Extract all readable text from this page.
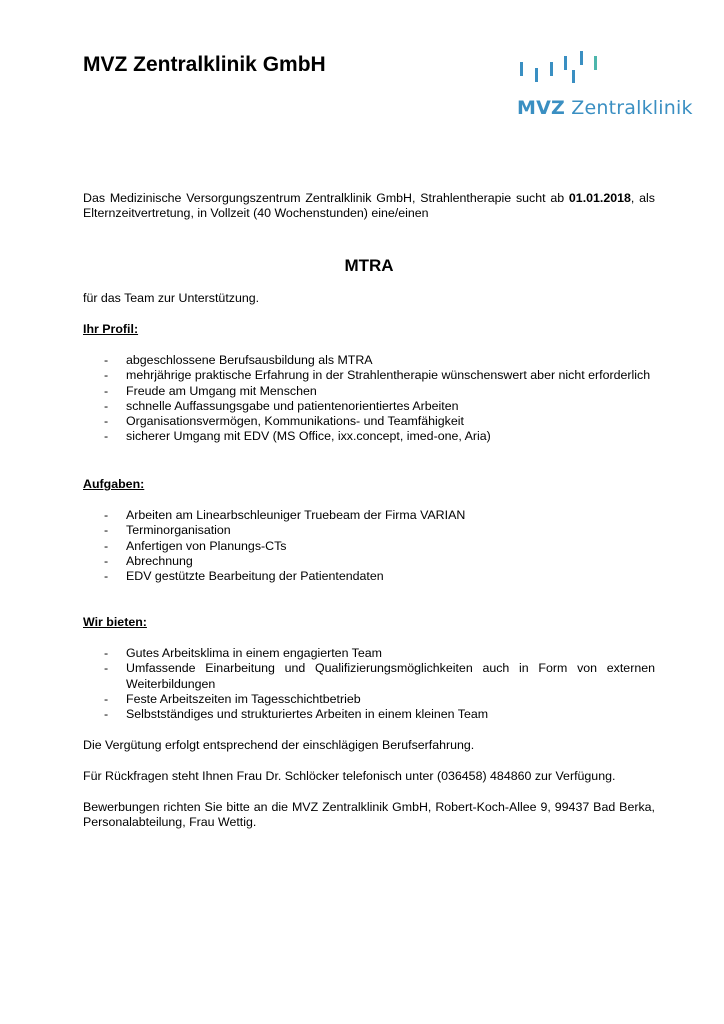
MVZ Zentralklinik GmbH
MVZ Zentralklinik

Das Medizinische Versorgungszentrum Zentralklinik GmbH, Strahlentherapie sucht ab 01.01.2018, als Elternzeitvertretung, in Vollzeit (40 Wochenstunden) eine/einen

MTRA

für das Team zur Unterstützung.

Ihr Profil:

- abgeschlossene Berufsausbildung als MTRA
- mehrjährige praktische Erfahrung in der Strahlentherapie wünschenswert aber nicht erforderlich
- Freude am Umgang mit Menschen
- schnelle Auffassungsgabe und patientenorientiertes Arbeiten
- Organisationsvermögen, Kommunikations- und Teamfähigkeit
- sicherer Umgang mit EDV (MS Office, ixx.concept, imed-one, Aria)

Aufgaben:

- Arbeiten am Linearbschleuniger Truebeam der Firma VARIAN
- Terminorganisation
- Anfertigen von Planungs-CTs
- Abrechnung
- EDV gestützte Bearbeitung der Patientendaten

Wir bieten:

- Gutes Arbeitsklima in einem engagierten Team
- Umfassende Einarbeitung und Qualifizierungsmöglichkeiten auch in Form von externen Weiterbildungen
- Feste Arbeitszeiten im Tagesschichtbetrieb
- Selbstständiges und strukturiertes Arbeiten in einem kleinen Team

Die Vergütung erfolgt entsprechend der einschlägigen Berufserfahrung.

Für Rückfragen steht Ihnen Frau Dr. Schlöcker telefonisch unter (036458) 484860 zur Verfügung.

Bewerbungen richten Sie bitte an die MVZ Zentralklinik GmbH, Robert-Koch-Allee 9, 99437 Bad Berka, Personalabteilung, Frau Wettig.
